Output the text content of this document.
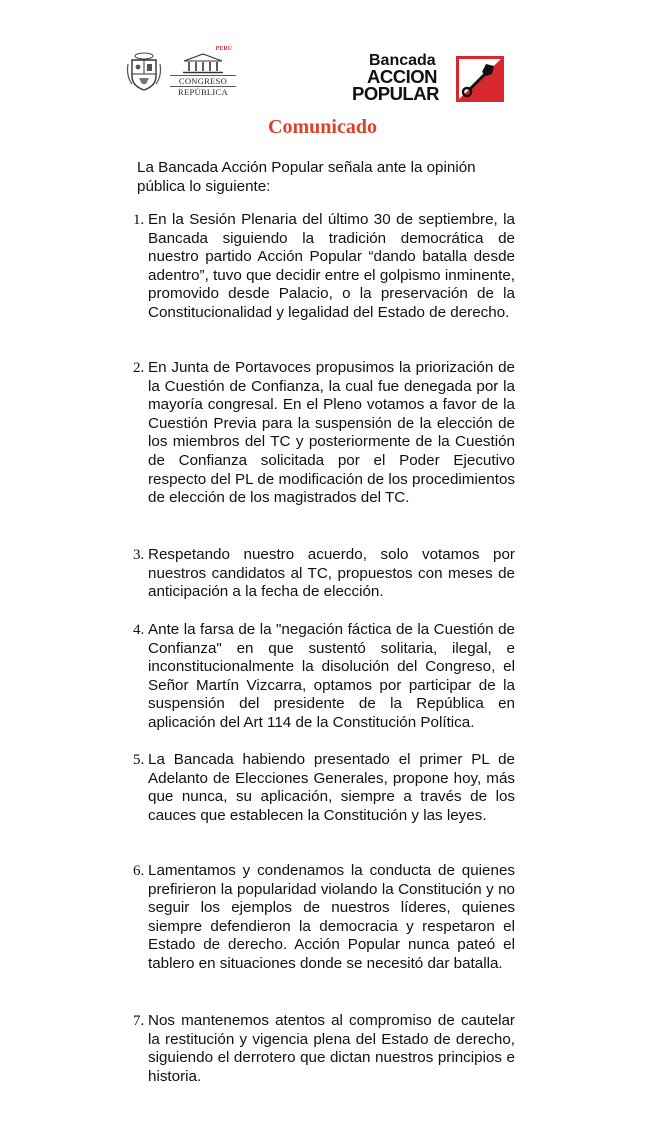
PERÚ
CONGRESO
REPÚBLICA
Bancada
ACCION
POPULAR
Comunicado
La Bancada Acción Popular señala ante la opinión pública lo siguiente:
1. En la Sesión Plenaria del último 30 de septiembre, la Bancada siguiendo la tradición democrática de nuestro partido Acción Popular “dando batalla desde adentro”, tuvo que decidir entre el golpismo inminente, promovido desde Palacio, o la preservación de la Constitucionalidad y legalidad del Estado de derecho.
2. En Junta de Portavoces propusimos la priorización de la Cuestión de Confianza, la cual fue denegada por la mayoría congresal. En el Pleno votamos a favor de la Cuestión Previa para la suspensión de la elección de los miembros del TC y posteriormente de la Cuestión de Confianza solicitada por el Poder Ejecutivo respecto del PL de modificación de los procedimientos de elección de los magistrados del TC.
3. Respetando nuestro acuerdo, solo votamos por nuestros candidatos al TC, propuestos con meses de anticipación a la fecha de elección.
4. Ante la farsa de la "negación fáctica de la Cuestión de Confianza" en que sustentó solitaria, ilegal, e inconstitucionalmente la disolución del Congreso, el Señor Martín Vizcarra, optamos por participar de la suspensión del presidente de la República en aplicación del Art 114 de la Constitución Política.
5. La Bancada habiendo presentado el primer PL de Adelanto de Elecciones Generales, propone hoy, más que nunca, su aplicación, siempre a través de los cauces que establecen la Constitución y las leyes.
6. Lamentamos y condenamos la conducta de quienes prefirieron la popularidad violando la Constitución y no seguir los ejemplos de nuestros líderes, quienes siempre defendieron la democracia y respetaron el Estado de derecho. Acción Popular nunca pateó el tablero en situaciones donde se necesitó dar batalla.
7. Nos mantenemos atentos al compromiso de cautelar la restitución y vigencia plena del Estado de derecho, siguiendo el derrotero que dictan nuestros principios e historia.
